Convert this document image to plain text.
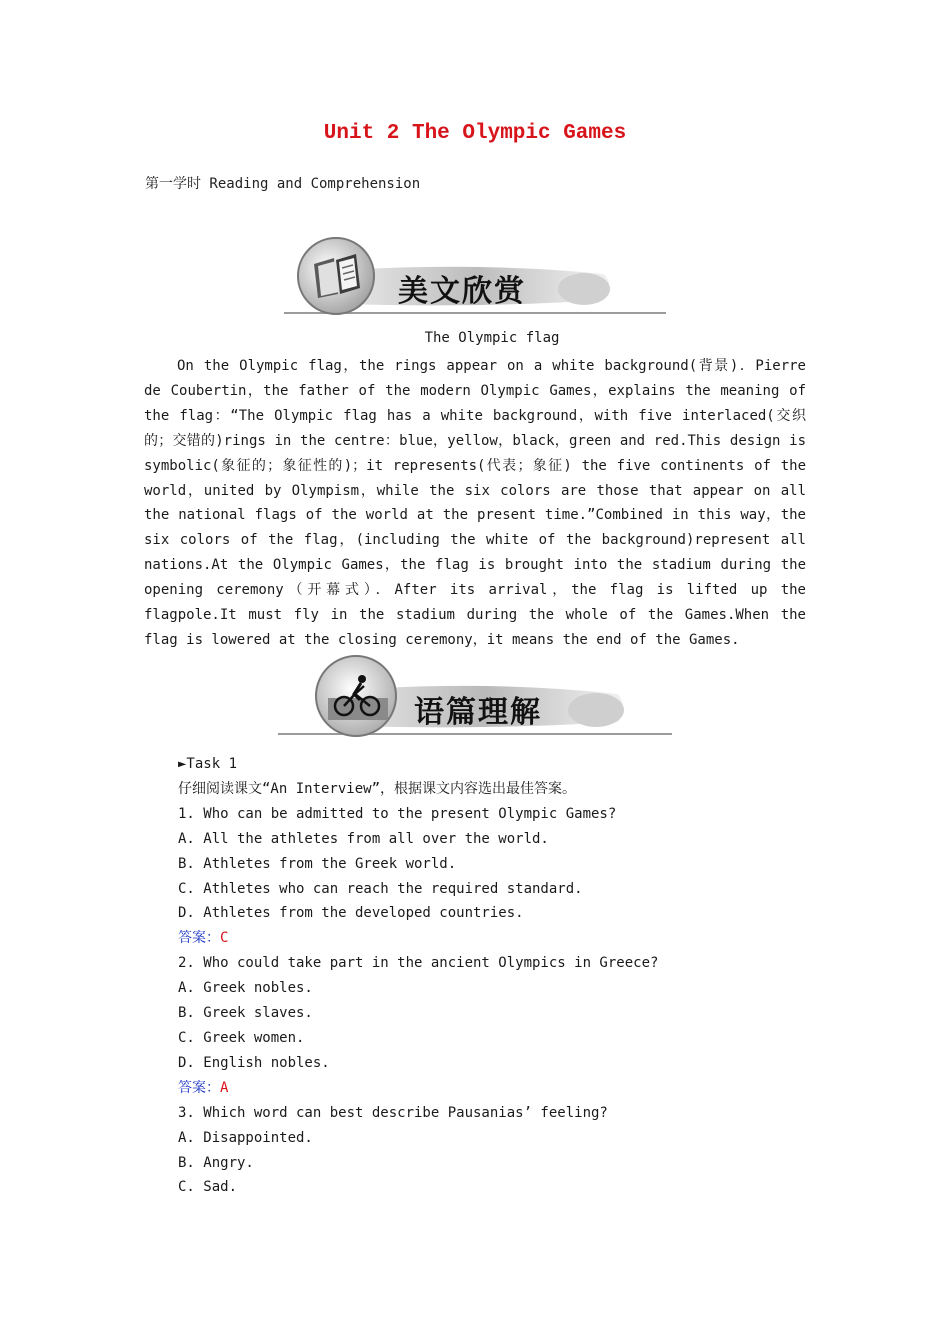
Unit 2 The Olympic Games
第一学时 Reading and Comprehension
美文欣赏
The Olympic flag

On the Olympic flag，the rings appear on a white background(背景)．Pierre de Coubertin，the father of the modern Olympic Games，explains the meaning of the flag：“The Olympic flag has a white background，with five interlaced(交织的；交错的)rings in the centre：blue，yellow，black，green and red.This design is symbolic(象征的；象征性的)；it represents(代表；象征) the five continents of the world，united by Olympism，while the six colors are those that appear on all the national flags of the world at the present time.”Combined in this way，the six colors of the flag，(including the white of the background)represent all nations.At the Olympic Games，the flag is brought into the stadium during the opening ceremony（开幕式）．After its arrival，the flag is lifted up the flagpole.It must fly in the stadium during the whole of the Games.When the flag is lowered at the closing ceremony，it means the end of the Games.

语篇理解
►Task 1
仔细阅读课文“An Interview”，根据课文内容选出最佳答案。
1. Who can be admitted to the present Olympic Games?
A. All the athletes from all over the world.
B. Athletes from the Greek world.
C. Athletes who can reach the required standard.
D. Athletes from the developed countries.
答案：C
2. Who could take part in the ancient Olympics in Greece?
A. Greek nobles.
B. Greek slaves.
C. Greek women.
D. English nobles.
答案：A
3. Which word can best describe Pausanias’ feeling?
A. Disappointed.
B. Angry.
C. Sad.
